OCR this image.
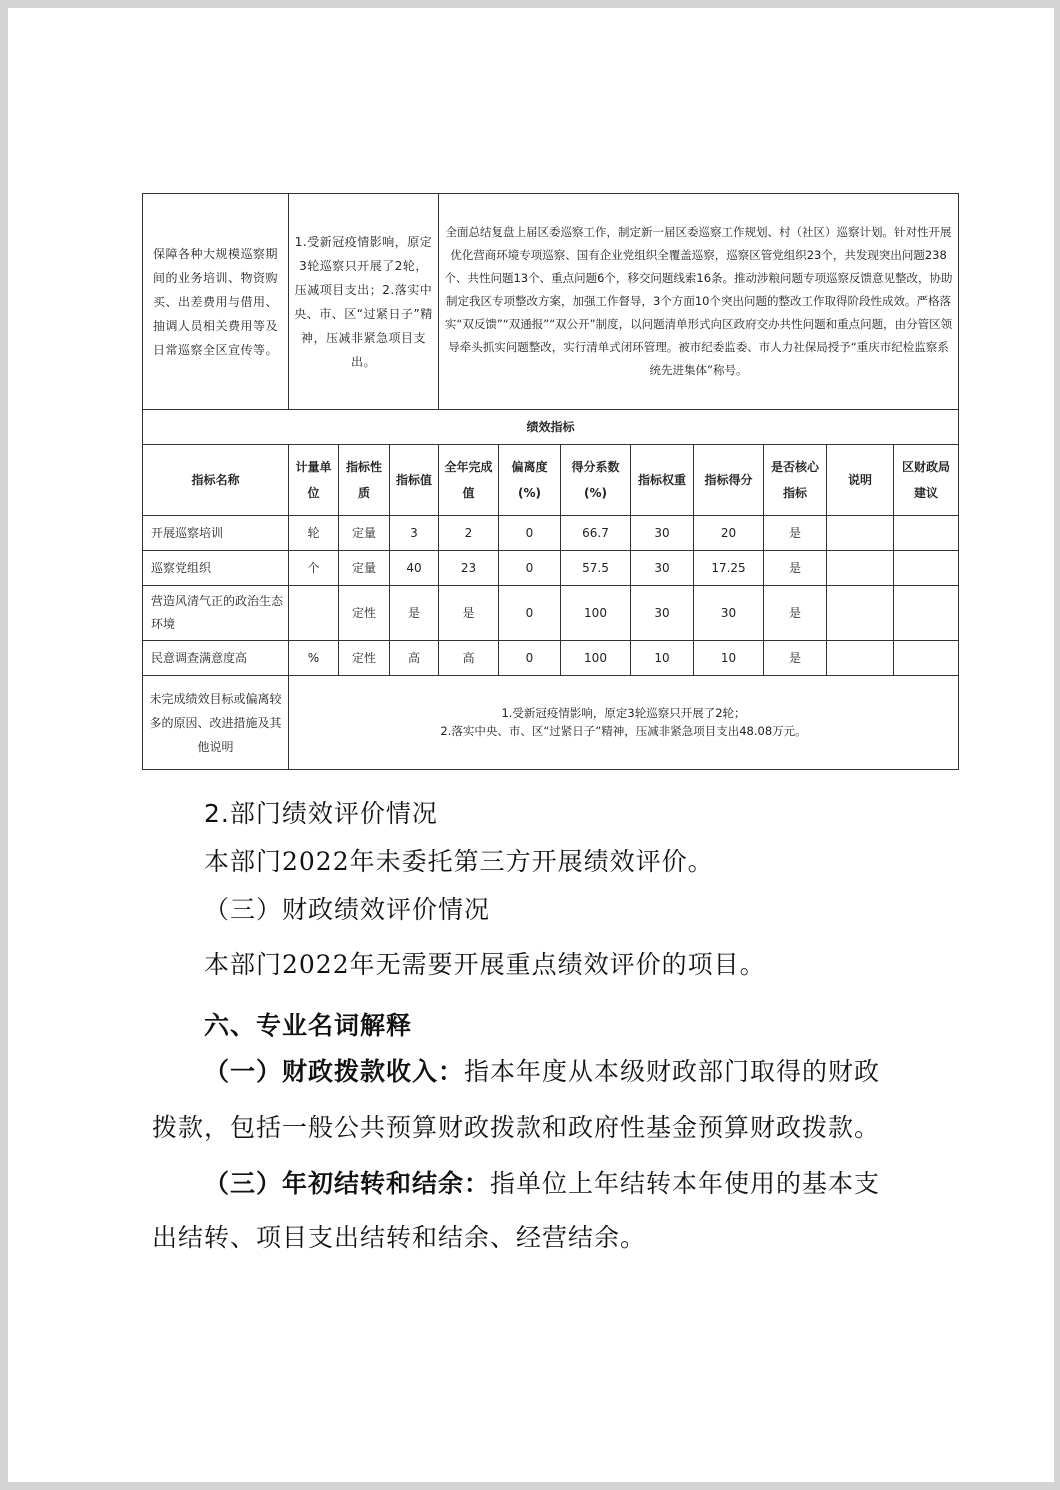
保障各种大规模巡察期间的业务培训、物资购买、出差费用与借用、抽调人员相关费用等及日常巡察全区宣传等。	1.受新冠疫情影响，原定3轮巡察只开展了2轮，压减项目支出；2.落实中央、市、区“过紧日子”精神，压减非紧急项目支出。			全面总结复盘上届区委巡察工作，制定新一届区委巡察工作规划、村（社区）巡察计划。针对性开展优化营商环境专项巡察、国有企业党组织全覆盖巡察，巡察区管党组织23个，共发现突出问题238个、共性问题13个、重点问题6个，移交问题线索16条。推动涉粮问题专项巡察反馈意见整改，协助制定我区专项整改方案，加强工作督导，3个方面10个突出问题的整改工作取得阶段性成效。严格落实“双反馈”“双通报”“双公开”制度，以问题清单形式向区政府交办共性问题和重点问题，由分管区领导牵头抓实问题整改，实行清单式闭环管理。被市纪委监委、市人力社保局授予“重庆市纪检监察系统先进集体”称号。							
绩效指标											
指标名称	计量单位	指标性质	指标值	全年完成值	偏离度(%)	得分系数(%)	指标权重	指标得分	是否核心指标	说明	区财政局建议
开展巡察培训	轮	定量	3	2	0	66.7	30	20	是		
巡察党组织	个	定量	40	23	0	57.5	30	17.25	是		
营造风清气正的政治生态环境		定性	是	是	0	100	30	30	是		
民意调查满意度高	%	定性	高	高	0	100	10	10	是		
未完成绩效目标或偏离较多的原因、改进措施及其他说明	1.受新冠疫情影响，原定3轮巡察只开展了2轮；
2.落实中央、市、区“过紧日子”精神，压减非紧急项目支出48.08万元。										
2.部门绩效评价情况
本部门2022年未委托第三方开展绩效评价。
（三）财政绩效评价情况
本部门2022年无需要开展重点绩效评价的项目。
六、专业名词解释
（一）财政拨款收入：指本年度从本级财政部门取得的财政
拨款，包括一般公共预算财政拨款和政府性基金预算财政拨款。
（三）年初结转和结余：指单位上年结转本年使用的基本支
出结转、项目支出结转和结余、经营结余。
